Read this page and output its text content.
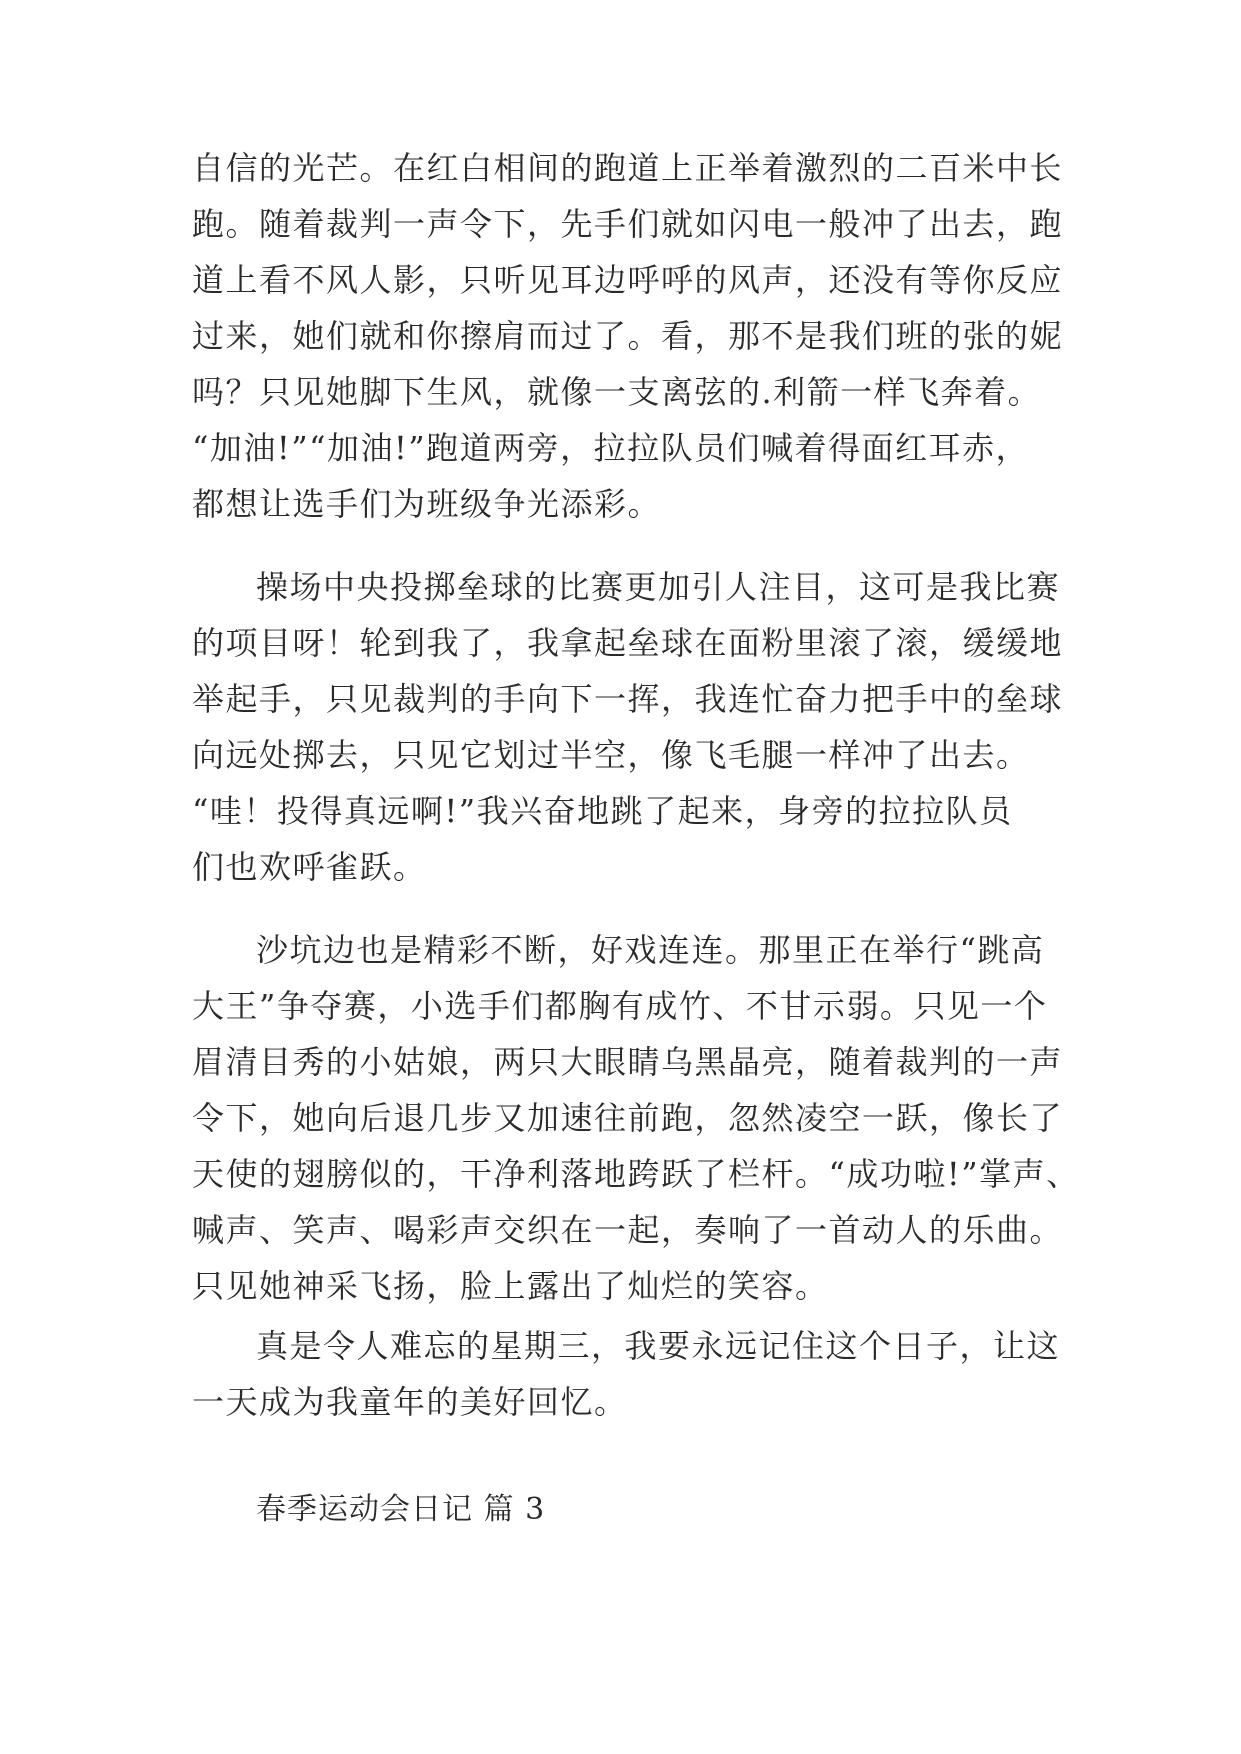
自信的光芒。在红白相间的跑道上正举着激烈的二百米中长
跑。随着裁判一声令下，先手们就如闪电一般冲了出去，跑
道上看不风人影，只听见耳边呼呼的风声，还没有等你反应
过来，她们就和你擦肩而过了。看，那不是我们班的张的妮
吗？只见她脚下生风，就像一支离弦的.利箭一样飞奔着。
“加油!”“加油!”跑道两旁，拉拉队员们喊着得面红耳赤，
都想让选手们为班级争光添彩。
操场中央投掷垒球的比赛更加引人注目，这可是我比赛
的项目呀！轮到我了，我拿起垒球在面粉里滚了滚，缓缓地
举起手，只见裁判的手向下一挥，我连忙奋力把手中的垒球
向远处掷去，只见它划过半空，像飞毛腿一样冲了出去。
“哇！投得真远啊!”我兴奋地跳了起来，身旁的拉拉队员
们也欢呼雀跃。
沙坑边也是精彩不断，好戏连连。那里正在举行“跳高
大王”争夺赛，小选手们都胸有成竹、不甘示弱。只见一个
眉清目秀的小姑娘，两只大眼睛乌黑晶亮，随着裁判的一声
令下，她向后退几步又加速往前跑，忽然凌空一跃，像长了
天使的翅膀似的，干净利落地跨跃了栏杆。“成功啦!”掌声、
喊声、笑声、喝彩声交织在一起，奏响了一首动人的乐曲。
只见她神采飞扬，脸上露出了灿烂的笑容。
真是令人难忘的星期三，我要永远记住这个日子，让这
一天成为我童年的美好回忆。
春季运动会日记 篇 3
